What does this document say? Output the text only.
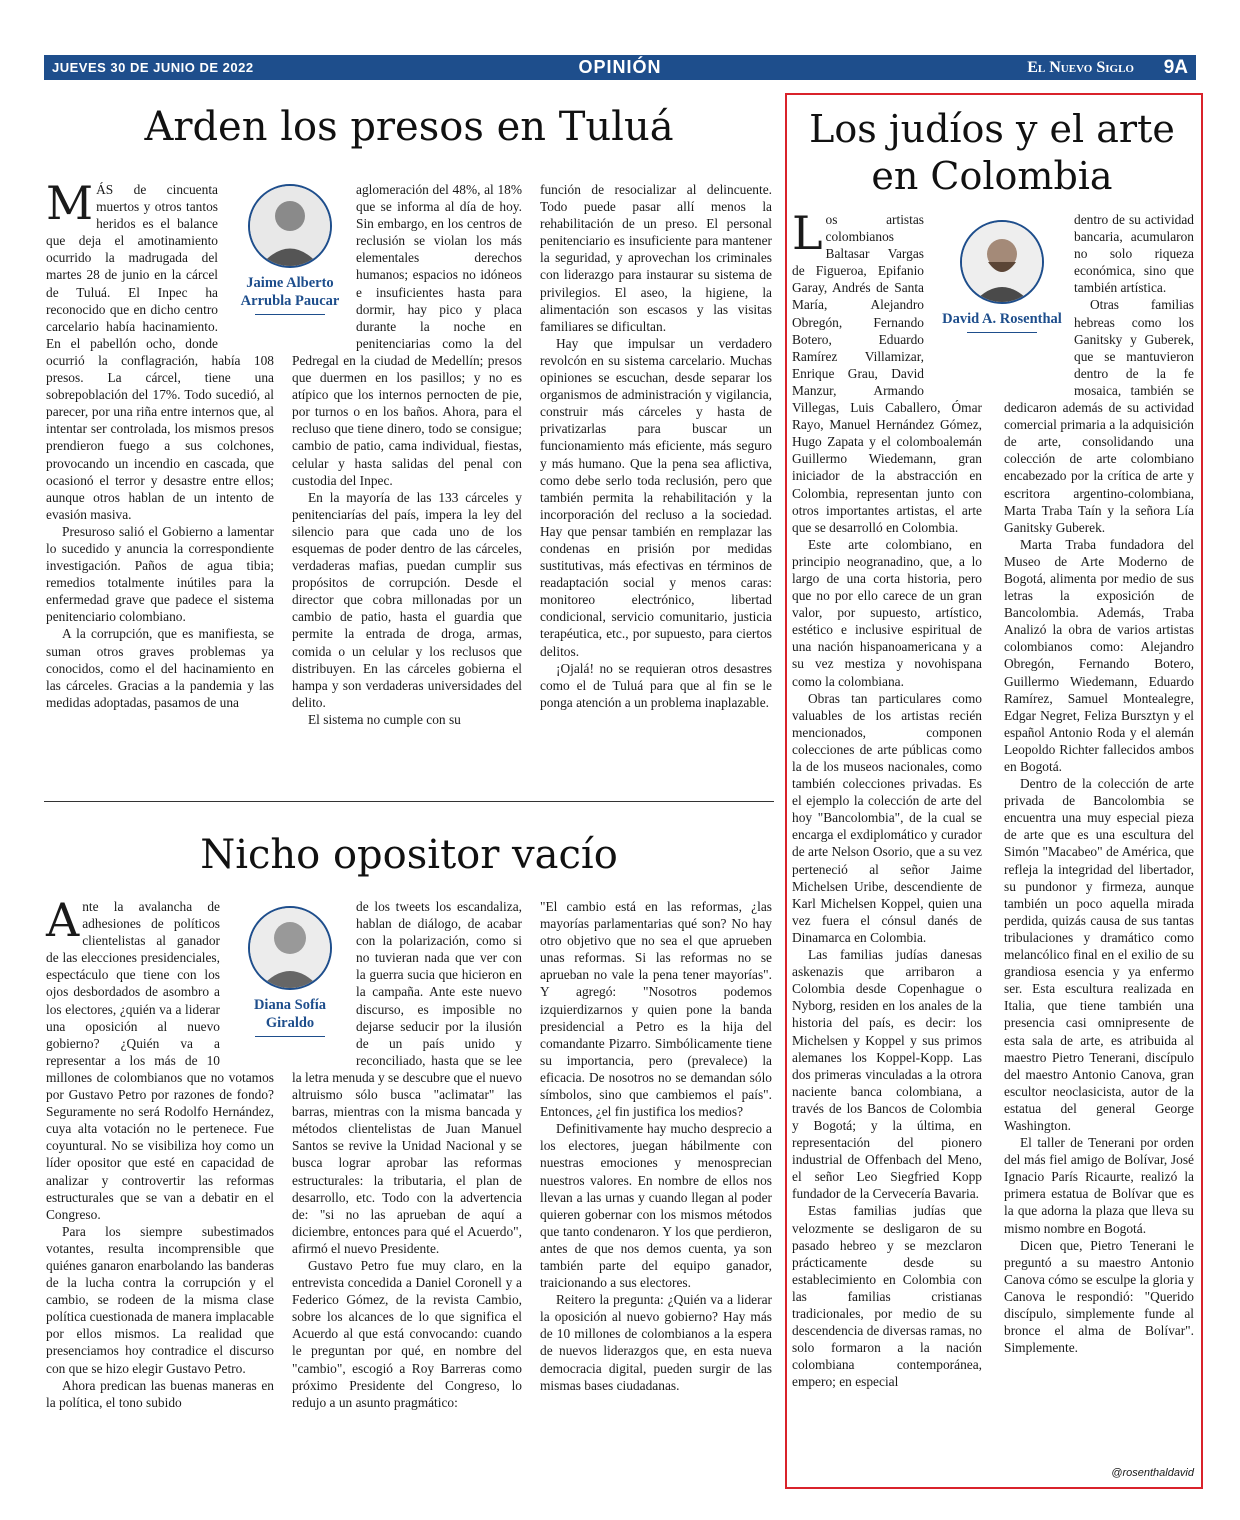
JUEVES 30 DE JUNIO DE 2022	OPINIÓN	El Nuevo Siglo 9A
Arden los presos en Tuluá
Jaime Alberto Arrubla Paucar

MÁS de cincuenta muertos y otros tantos heridos es el balance que deja el amotinamiento ocurrido la madrugada del martes 28 de junio en la cárcel de Tuluá. El Inpec ha reconocido que en dicho centro carcelario había hacinamiento. En el pabellón ocho, donde ocurrió la conflagración, había 108 presos. La cárcel, tiene una sobrepoblación del 17%. Todo sucedió, al parecer, por una riña entre internos que, al intentar ser controlada, los mismos presos prendieron fuego a sus colchones, provocando un incendio en cascada, que ocasionó el terror y desastre entre ellos; aunque otros hablan de un intento de evasión masiva.

Presuroso salió el Gobierno a lamentar lo sucedido y anuncia la correspondiente investigación. Paños de agua tibia; remedios totalmente inútiles para la enfermedad grave que padece el sistema penitenciario colombiano.

A la corrupción, que es manifiesta, se suman otros graves problemas ya conocidos, como el del hacinamiento en las cárceles. Gracias a la pandemia y las medidas adoptadas, pasamos de una

aglomeración del 48%, al 18% que se informa al día de hoy. Sin embargo, en los centros de reclusión se violan los más elementales derechos humanos; espacios no idóneos e insuficientes hasta para dormir, hay pico y placa durante la noche en penitenciarias como la del Pedregal en la ciudad de Medellín; presos que duermen en los pasillos; y no es atípico que los internos pernocten de pie, por turnos o en los baños. Ahora, para el recluso que tiene dinero, todo se consigue; cambio de patio, cama individual, fiestas, celular y hasta salidas del penal con custodia del Inpec.

En la mayoría de las 133 cárceles y penitenciarías del país, impera la ley del silencio para que cada uno de los esquemas de poder dentro de las cárceles, verdaderas mafias, puedan cumplir sus propósitos de corrupción. Desde el director que cobra millonadas por un cambio de patio, hasta el guardia que permite la entrada de droga, armas, comida o un celular y los reclusos que distribuyen. En las cárceles gobierna el hampa y son verdaderas universidades del delito.

El sistema no cumple con su

función de resocializar al delincuente. Todo puede pasar allí menos la rehabilitación de un preso. El personal penitenciario es insuficiente para mantener la seguridad, y aprovechan los criminales con liderazgo para instaurar su sistema de privilegios. El aseo, la higiene, la alimentación son escasos y las visitas familiares se dificultan.

Hay que impulsar un verdadero revolcón en su sistema carcelario. Muchas opiniones se escuchan, desde separar los organismos de administración y vigilancia, construir más cárceles y hasta de privatizarlas para buscar un funcionamiento más eficiente, más seguro y más humano. Que la pena sea aflictiva, como debe serlo toda reclusión, pero que también permita la rehabilitación y la incorporación del recluso a la sociedad. Hay que pensar también en remplazar las condenas en prisión por medidas sustitutivas, más efectivas en términos de readaptación social y menos caras: monitoreo electrónico, libertad condicional, servicio comunitario, justicia terapéutica, etc., por supuesto, para ciertos delitos.

¡Ojalá! no se requieran otros desastres como el de Tuluá para que al fin se le ponga atención a un problema inaplazable.

Nicho opositor vacío
Diana Sofía Giraldo

Ante la avalancha de adhesiones de políticos clientelistas al ganador de las elecciones presidenciales, espectáculo que tiene con los ojos desbordados de asombro a los electores, ¿quién va a liderar una oposición al nuevo gobierno? ¿Quién va a representar a los más de 10 millones de colombianos que no votamos por Gustavo Petro por razones de fondo? Seguramente no será Rodolfo Hernández, cuya alta votación no le pertenece. Fue coyuntural. No se visibiliza hoy como un líder opositor que esté en capacidad de analizar y controvertir las reformas estructurales que se van a debatir en el Congreso.

Para los siempre subestimados votantes, resulta incomprensible que quiénes ganaron enarbolando las banderas de la lucha contra la corrupción y el cambio, se rodeen de la misma clase política cuestionada de manera implacable por ellos mismos. La realidad que presenciamos hoy contradice el discurso con que se hizo elegir Gustavo Petro.

Ahora predican las buenas maneras en la política, el tono subido

de los tweets los escandaliza, hablan de diálogo, de acabar con la polarización, como si no tuvieran nada que ver con la guerra sucia que hicieron en la campaña. Ante este nuevo discurso, es imposible no dejarse seducir por la ilusión de un país unido y reconciliado, hasta que se lee la letra menuda y se descubre que el nuevo altruismo sólo busca "aclimatar" las barras, mientras con la misma bancada y métodos clientelistas de Juan Manuel Santos se revive la Unidad Nacional y se busca lograr aprobar las reformas estructurales: la tributaria, el plan de desarrollo, etc. Todo con la advertencia de: "si no las aprueban de aquí a diciembre, entonces para qué el Acuerdo", afirmó el nuevo Presidente.

Gustavo Petro fue muy claro, en la entrevista concedida a Daniel Coronell y a Federico Gómez, de la revista Cambio, sobre los alcances de lo que significa el Acuerdo al que está convocando: cuando le preguntan por qué, en nombre del "cambio", escogió a Roy Barreras como próximo Presidente del Congreso, lo redujo a un asunto pragmático:

"El cambio está en las reformas, ¿las mayorías parlamentarias qué son? No hay otro objetivo que no sea el que aprueben unas reformas. Si las reformas no se aprueban no vale la pena tener mayorías". Y agregó: "Nosotros podemos izquierdizarnos y quien pone la banda presidencial a Petro es la hija del comandante Pizarro. Simbólicamente tiene su importancia, pero (prevalece) la eficacia. De nosotros no se demandan sólo símbolos, sino que cambiemos el país". Entonces, ¿el fin justifica los medios?

Definitivamente hay mucho desprecio a los electores, juegan hábilmente con nuestras emociones y menosprecian nuestros valores. En nombre de ellos nos llevan a las urnas y cuando llegan al poder quieren gobernar con los mismos métodos que tanto condenaron. Y los que perdieron, antes de que nos demos cuenta, ya son también parte del equipo ganador, traicionando a sus electores.

Reitero la pregunta: ¿Quién va a liderar la oposición al nuevo gobierno? Hay más de 10 millones de colombianos a la espera de nuevos liderazgos que, en esta nueva democracia digital, pueden surgir de las mismas bases ciudadanas.

Los judíos y el arte en Colombia
David A. Rosenthal

Los artistas colombianos Baltasar Vargas de Figueroa, Epifanio Garay, Andrés de Santa María, Alejandro Obregón, Fernando Botero, Eduardo Ramírez Villamizar, Enrique Grau, David Manzur, Armando Villegas, Luis Caballero, Ómar Rayo, Manuel Hernández Gómez, Hugo Zapata y el colomboalemán Guillermo Wiedemann, gran iniciador de la abstracción en Colombia, representan junto con otros importantes artistas, el arte que se desarrolló en Colombia.

Este arte colombiano, en principio neogranadino, que, a lo largo de una corta historia, pero que no por ello carece de un gran valor, por supuesto, artístico, estético e inclusive espiritual de una nación hispanoamericana y a su vez mestiza y novohispana como la colombiana.

Obras tan particulares como valuables de los artistas recién mencionados, componen colecciones de arte públicas como la de los museos nacionales, como también colecciones privadas. Es el ejemplo la colección de arte del hoy "Bancolombia", de la cual se encarga el exdiplomático y curador de arte Nelson Osorio, que a su vez perteneció al señor Jaime Michelsen Uribe, descendiente de Karl Michelsen Koppel, quien una vez fuera el cónsul danés de Dinamarca en Colombia.

Las familias judías danesas askenazis que arribaron a Colombia desde Copenhague o Nyborg, residen en los anales de la historia del país, es decir: los Michelsen y Koppel y sus primos alemanes los Koppel-Kopp. Las dos primeras vinculadas a la otrora naciente banca colombiana, a través de los Bancos de Colombia y Bogotá; y la última, en representación del pionero industrial de Offenbach del Meno, el señor Leo Siegfried Kopp fundador de la Cervecería Bavaria.

Estas familias judías que velozmente se desligaron de su pasado hebreo y se mezclaron prácticamente desde su establecimiento en Colombia con las familias cristianas tradicionales, por medio de su descendencia de diversas ramas, no solo formaron a la nación colombiana contemporánea, empero; en especial

dentro de su actividad bancaria, acumularon no solo riqueza económica, sino que también artística.

Otras familias hebreas como los Ganitsky y Guberek, que se mantuvieron dentro de la fe mosaica, también se dedicaron además de su actividad comercial primaria a la adquisición de arte, consolidando una colección de arte colombiano encabezado por la crítica de arte y escritora argentino-colombiana, Marta Traba Taín y la señora Lía Ganitsky Guberek.

Marta Traba fundadora del Museo de Arte Moderno de Bogotá, alimenta por medio de sus letras la exposición de Bancolombia. Además, Traba Analizó la obra de varios artistas colombianos como: Alejandro Obregón, Fernando Botero, Guillermo Wiedemann, Eduardo Ramírez, Samuel Montealegre, Edgar Negret, Feliza Bursztyn y el español Antonio Roda y el alemán Leopoldo Richter fallecidos ambos en Bogotá.

Dentro de la colección de arte privada de Bancolombia se encuentra una muy especial pieza de arte que es una escultura del Simón "Macabeo" de América, que refleja la integridad del libertador, su pundonor y firmeza, aunque también un poco aquella mirada perdida, quizás causa de sus tantas tribulaciones y dramático como melancólico final en el exilio de su grandiosa esencia y ya enfermo ser. Esta escultura realizada en Italia, que tiene también una presencia casi omnipresente de esta sala de arte, es atribuida al maestro Pietro Tenerani, discípulo del maestro Antonio Canova, gran escultor neoclasicista, autor de la estatua del general George Washington.

El taller de Tenerani por orden del más fiel amigo de Bolívar, José Ignacio París Ricaurte, realizó la primera estatua de Bolívar que es la que adorna la plaza que lleva su mismo nombre en Bogotá.

Dicen que, Pietro Tenerani le preguntó a su maestro Antonio Canova cómo se esculpe la gloria y Canova le respondió: "Querido discípulo, simplemente funde al bronce el alma de Bolívar". Simplemente.

@rosenthaldavid
